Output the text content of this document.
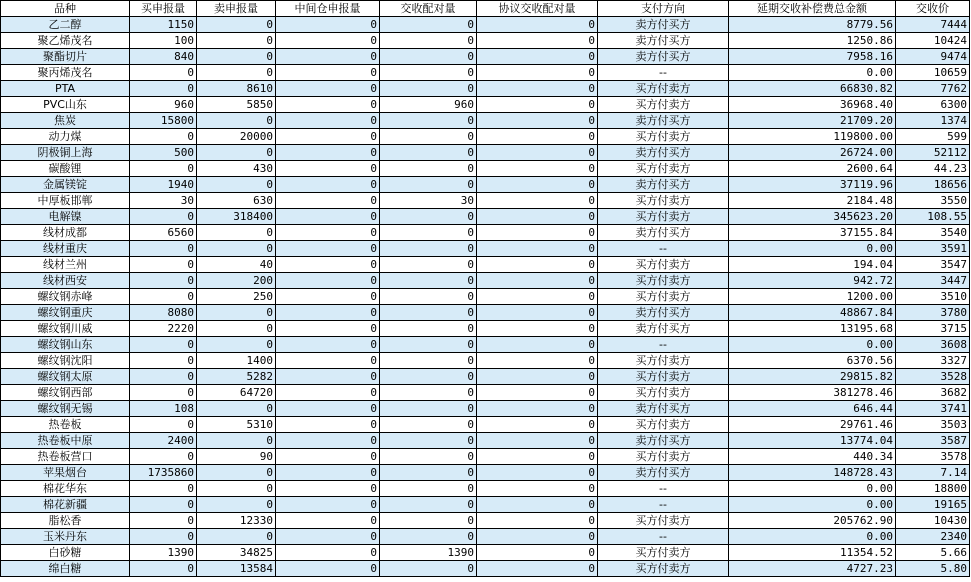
品种	买申报量	卖申报量	中间仓申报量	交收配对量	协议交收配对量	支付方向	延期交收补偿费总金额	交收价
乙二醇	1150	0	0	0	0	卖方付买方	8779.56	7444
聚乙烯茂名	100	0	0	0	0	卖方付买方	1250.86	10424
聚酯切片	840	0	0	0	0	卖方付买方	7958.16	9474
聚丙烯茂名	0	0	0	0	0	--	0.00	10659
PTA	0	8610	0	0	0	买方付卖方	66830.82	7762
PVC山东	960	5850	0	960	0	买方付卖方	36968.40	6300
焦炭	15800	0	0	0	0	卖方付买方	21709.20	1374
动力煤	0	20000	0	0	0	买方付卖方	119800.00	599
阴极铜上海	500	0	0	0	0	卖方付买方	26724.00	52112
碳酸锂	0	430	0	0	0	买方付卖方	2600.64	44.23
金属镁锭	1940	0	0	0	0	卖方付买方	37119.96	18656
中厚板邯郸	30	630	0	30	0	买方付卖方	2184.48	3550
电解镍	0	318400	0	0	0	买方付卖方	345623.20	108.55
线材成都	6560	0	0	0	0	卖方付买方	37155.84	3540
线材重庆	0	0	0	0	0	--	0.00	3591
线材兰州	0	40	0	0	0	买方付卖方	194.04	3547
线材西安	0	200	0	0	0	买方付卖方	942.72	3447
螺纹钢赤峰	0	250	0	0	0	买方付卖方	1200.00	3510
螺纹钢重庆	8080	0	0	0	0	卖方付买方	48867.84	3780
螺纹钢川威	2220	0	0	0	0	卖方付买方	13195.68	3715
螺纹钢山东	0	0	0	0	0	--	0.00	3608
螺纹钢沈阳	0	1400	0	0	0	买方付卖方	6370.56	3327
螺纹钢太原	0	5282	0	0	0	买方付卖方	29815.82	3528
螺纹钢西部	0	64720	0	0	0	买方付卖方	381278.46	3682
螺纹钢无锡	108	0	0	0	0	卖方付买方	646.44	3741
热卷板	0	5310	0	0	0	买方付卖方	29761.46	3503
热卷板中原	2400	0	0	0	0	卖方付买方	13774.04	3587
热卷板营口	0	90	0	0	0	买方付卖方	440.34	3578
苹果烟台	1735860	0	0	0	0	卖方付买方	148728.43	7.14
棉花华东	0	0	0	0	0	--	0.00	18800
棉花新疆	0	0	0	0	0	--	0.00	19165
脂松香	0	12330	0	0	0	买方付卖方	205762.90	10430
玉米丹东	0	0	0	0	0	--	0.00	2340
白砂糖	1390	34825	0	1390	0	买方付卖方	11354.52	5.66
绵白糖	0	13584	0	0	0	买方付卖方	4727.23	5.80
